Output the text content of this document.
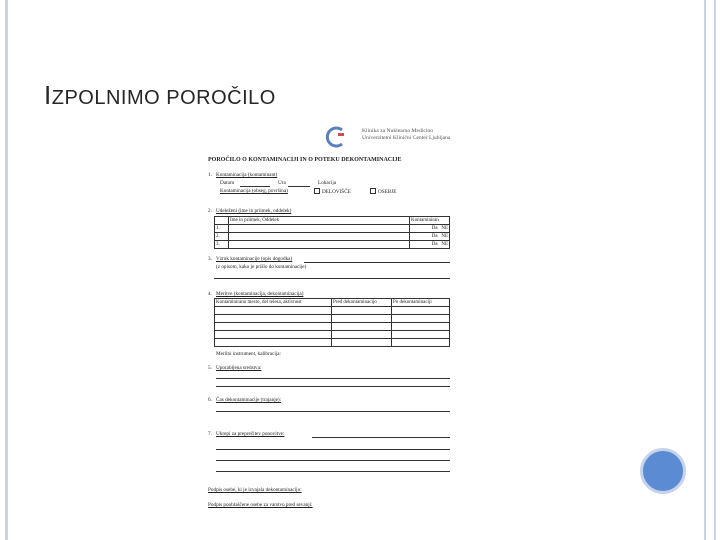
IZPOLNIMO POROČILO
Klinika za Nuklearno Medicino
Univerzitetni Klinični Center Ljubljana
POROČILO O KONTAMINACIJI IN O POTEKU DEKONTAMINACIJE
1. Kontaminacija (kontaminant)
Datum	Ura	Lokacija
Kontaminacija (obseg, površina)	DELOVIŠČE	OSEBJE
2. Udeleženi (ime in priimek, oddelek)
	Ime in priimek, Oddelek	Kontaminiran
1.		Da NE
2.		Da NE
3.		Da NE
3. Vzrok kontaminacije (opis dogodka)
(z opisom, kako je prišlo do kontaminacije)
4. Meritve (kontaminacija, dekontaminacija)
Kontaminirano mesto, del telesa, aktivnost	Pred dekontaminacijo	Po dekontaminaciji

Merilni instrument, kalibracija:
5. Uporabljena sredstva:
6. Čas dekontaminacije (trajanje):
7. Ukrepi za preprečitev ponovitve:
Podpis osebe, ki je izvajala dekontaminacijo:
Podpis pooblaščene osebe za varstvo pred sevanji:
